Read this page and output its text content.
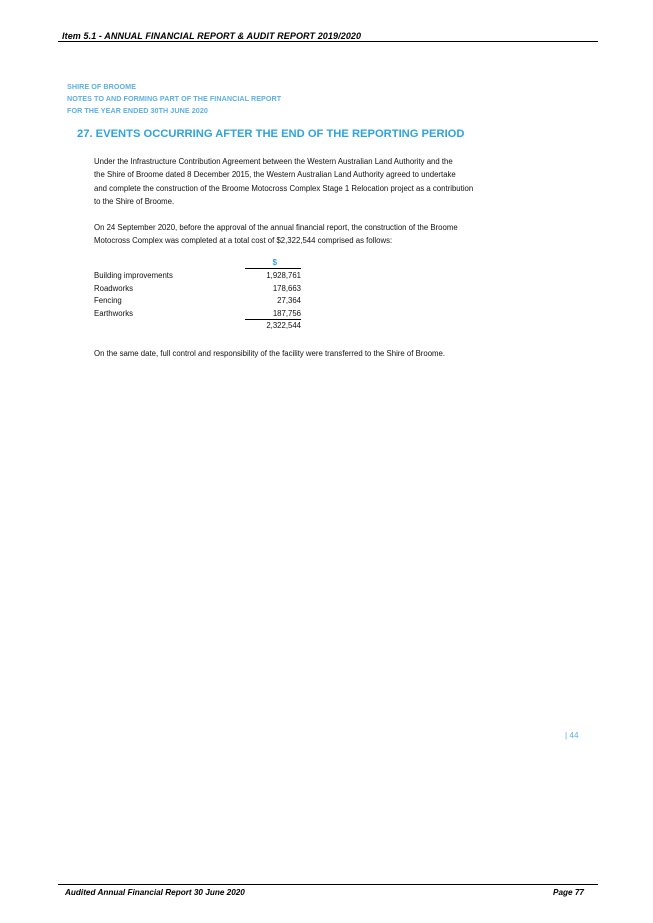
Item 5.1 - ANNUAL FINANCIAL REPORT & AUDIT REPORT 2019/2020
SHIRE OF BROOME
NOTES TO AND FORMING PART OF THE FINANCIAL REPORT
FOR THE YEAR ENDED 30TH JUNE 2020
27. EVENTS OCCURRING AFTER THE END OF THE REPORTING PERIOD
Under the Infrastructure Contribution Agreement between the Western Australian Land Authority and the
the Shire of Broome dated 8 December 2015, the Western Australian Land Authority agreed to undertake
and complete the construction of the Broome Motocross Complex Stage 1 Relocation project as a contribution
to the Shire of Broome.
On 24 September 2020, before the approval of the annual financial report, the construction of the Broome
Motocross Complex was completed at a total cost of $2,322,544 comprised as follows:
$
Building improvements	1,928,761
Roadworks	178,663
Fencing	27,364
Earthworks	187,756
2,322,544
On the same date, full control and responsibility of the facility were transferred to the Shire of Broome.
| 44
Audited Annual Financial Report 30 June 2020	Page 77
